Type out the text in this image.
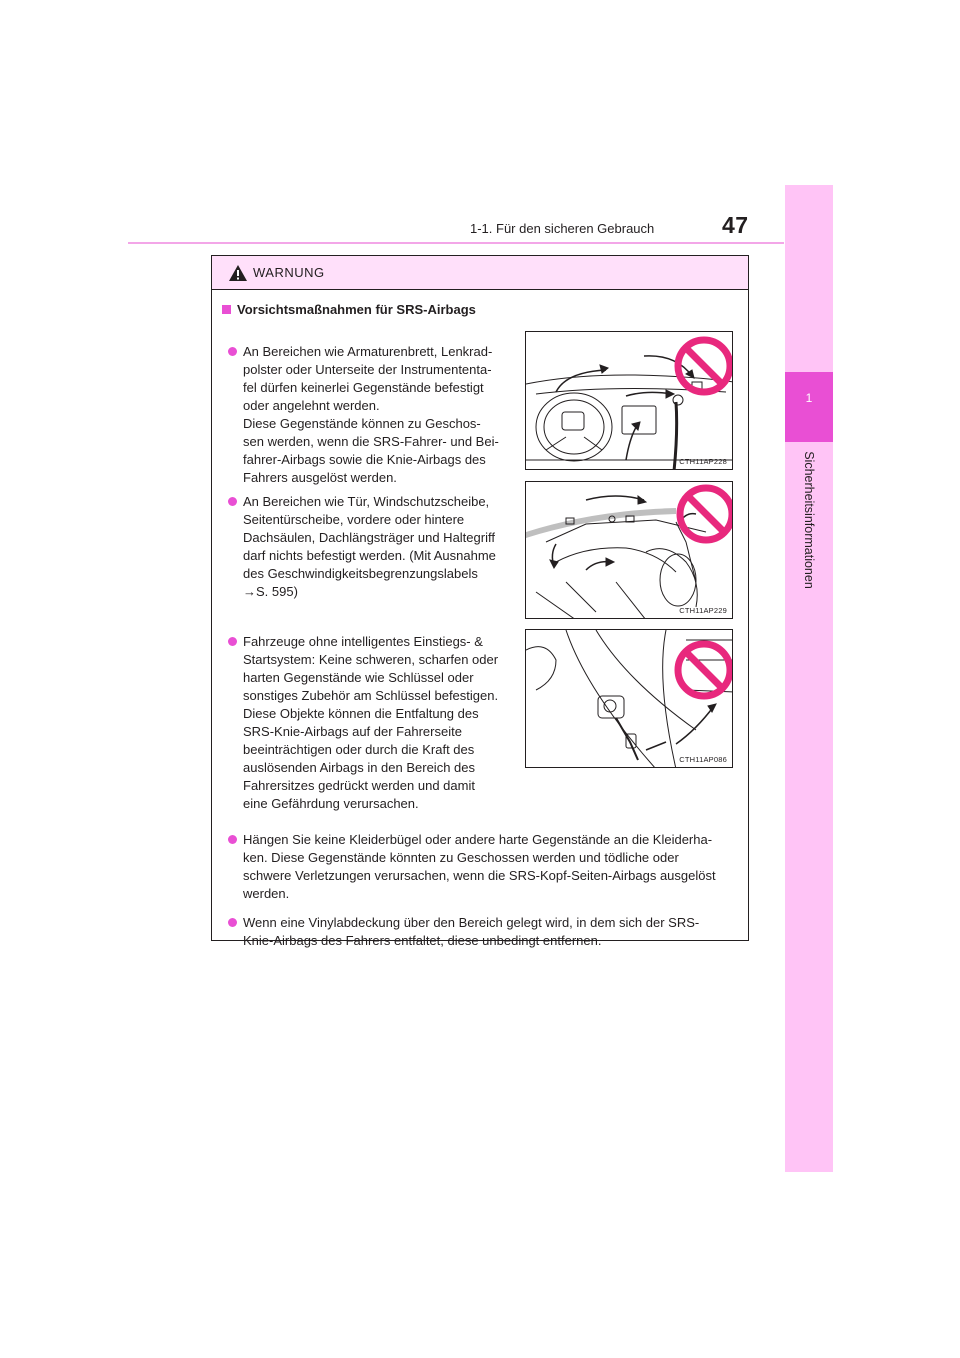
1-1. Für den sicheren Gebrauch	47
1
Sicherheitsinformationen
WARNUNG
Vorsichtsmaßnahmen für SRS-Airbags
An Bereichen wie Armaturenbrett, Lenkrad-
polster oder Unterseite der Instrumententa-
fel dürfen keinerlei Gegenstände befestigt
oder angelehnt werden.
Diese Gegenstände können zu Geschos-
sen werden, wenn die SRS-Fahrer- und Bei-
fahrer-Airbags sowie die Knie-Airbags des
Fahrers ausgelöst werden.
An Bereichen wie Tür, Windschutzscheibe,
Seitentürscheibe, vordere oder hintere
Dachsäulen, Dachlängsträger und Haltegriff
darf nichts befestigt werden. (Mit Ausnahme
des Geschwindigkeitsbegrenzungslabels
→S. 595)
Fahrzeuge ohne intelligentes Einstiegs- &
Startsystem: Keine schweren, scharfen oder
harten Gegenstände wie Schlüssel oder
sonstiges Zubehör am Schlüssel befestigen.
Diese Objekte können die Entfaltung des
SRS-Knie-Airbags auf der Fahrerseite
beeinträchtigen oder durch die Kraft des
auslösenden Airbags in den Bereich des
Fahrersitzes gedrückt werden und damit
eine Gefährdung verursachen.
Hängen Sie keine Kleiderbügel oder andere harte Gegenstände an die Kleiderha-
ken. Diese Gegenstände könnten zu Geschossen werden und tödliche oder
schwere Verletzungen verursachen, wenn die SRS-Kopf-Seiten-Airbags ausgelöst
werden.
Wenn eine Vinylabdeckung über den Bereich gelegt wird, in dem sich der SRS-
Knie-Airbags des Fahrers entfaltet, diese unbedingt entfernen.
CTH11AP228
CTH11AP229
CTH11AP086
